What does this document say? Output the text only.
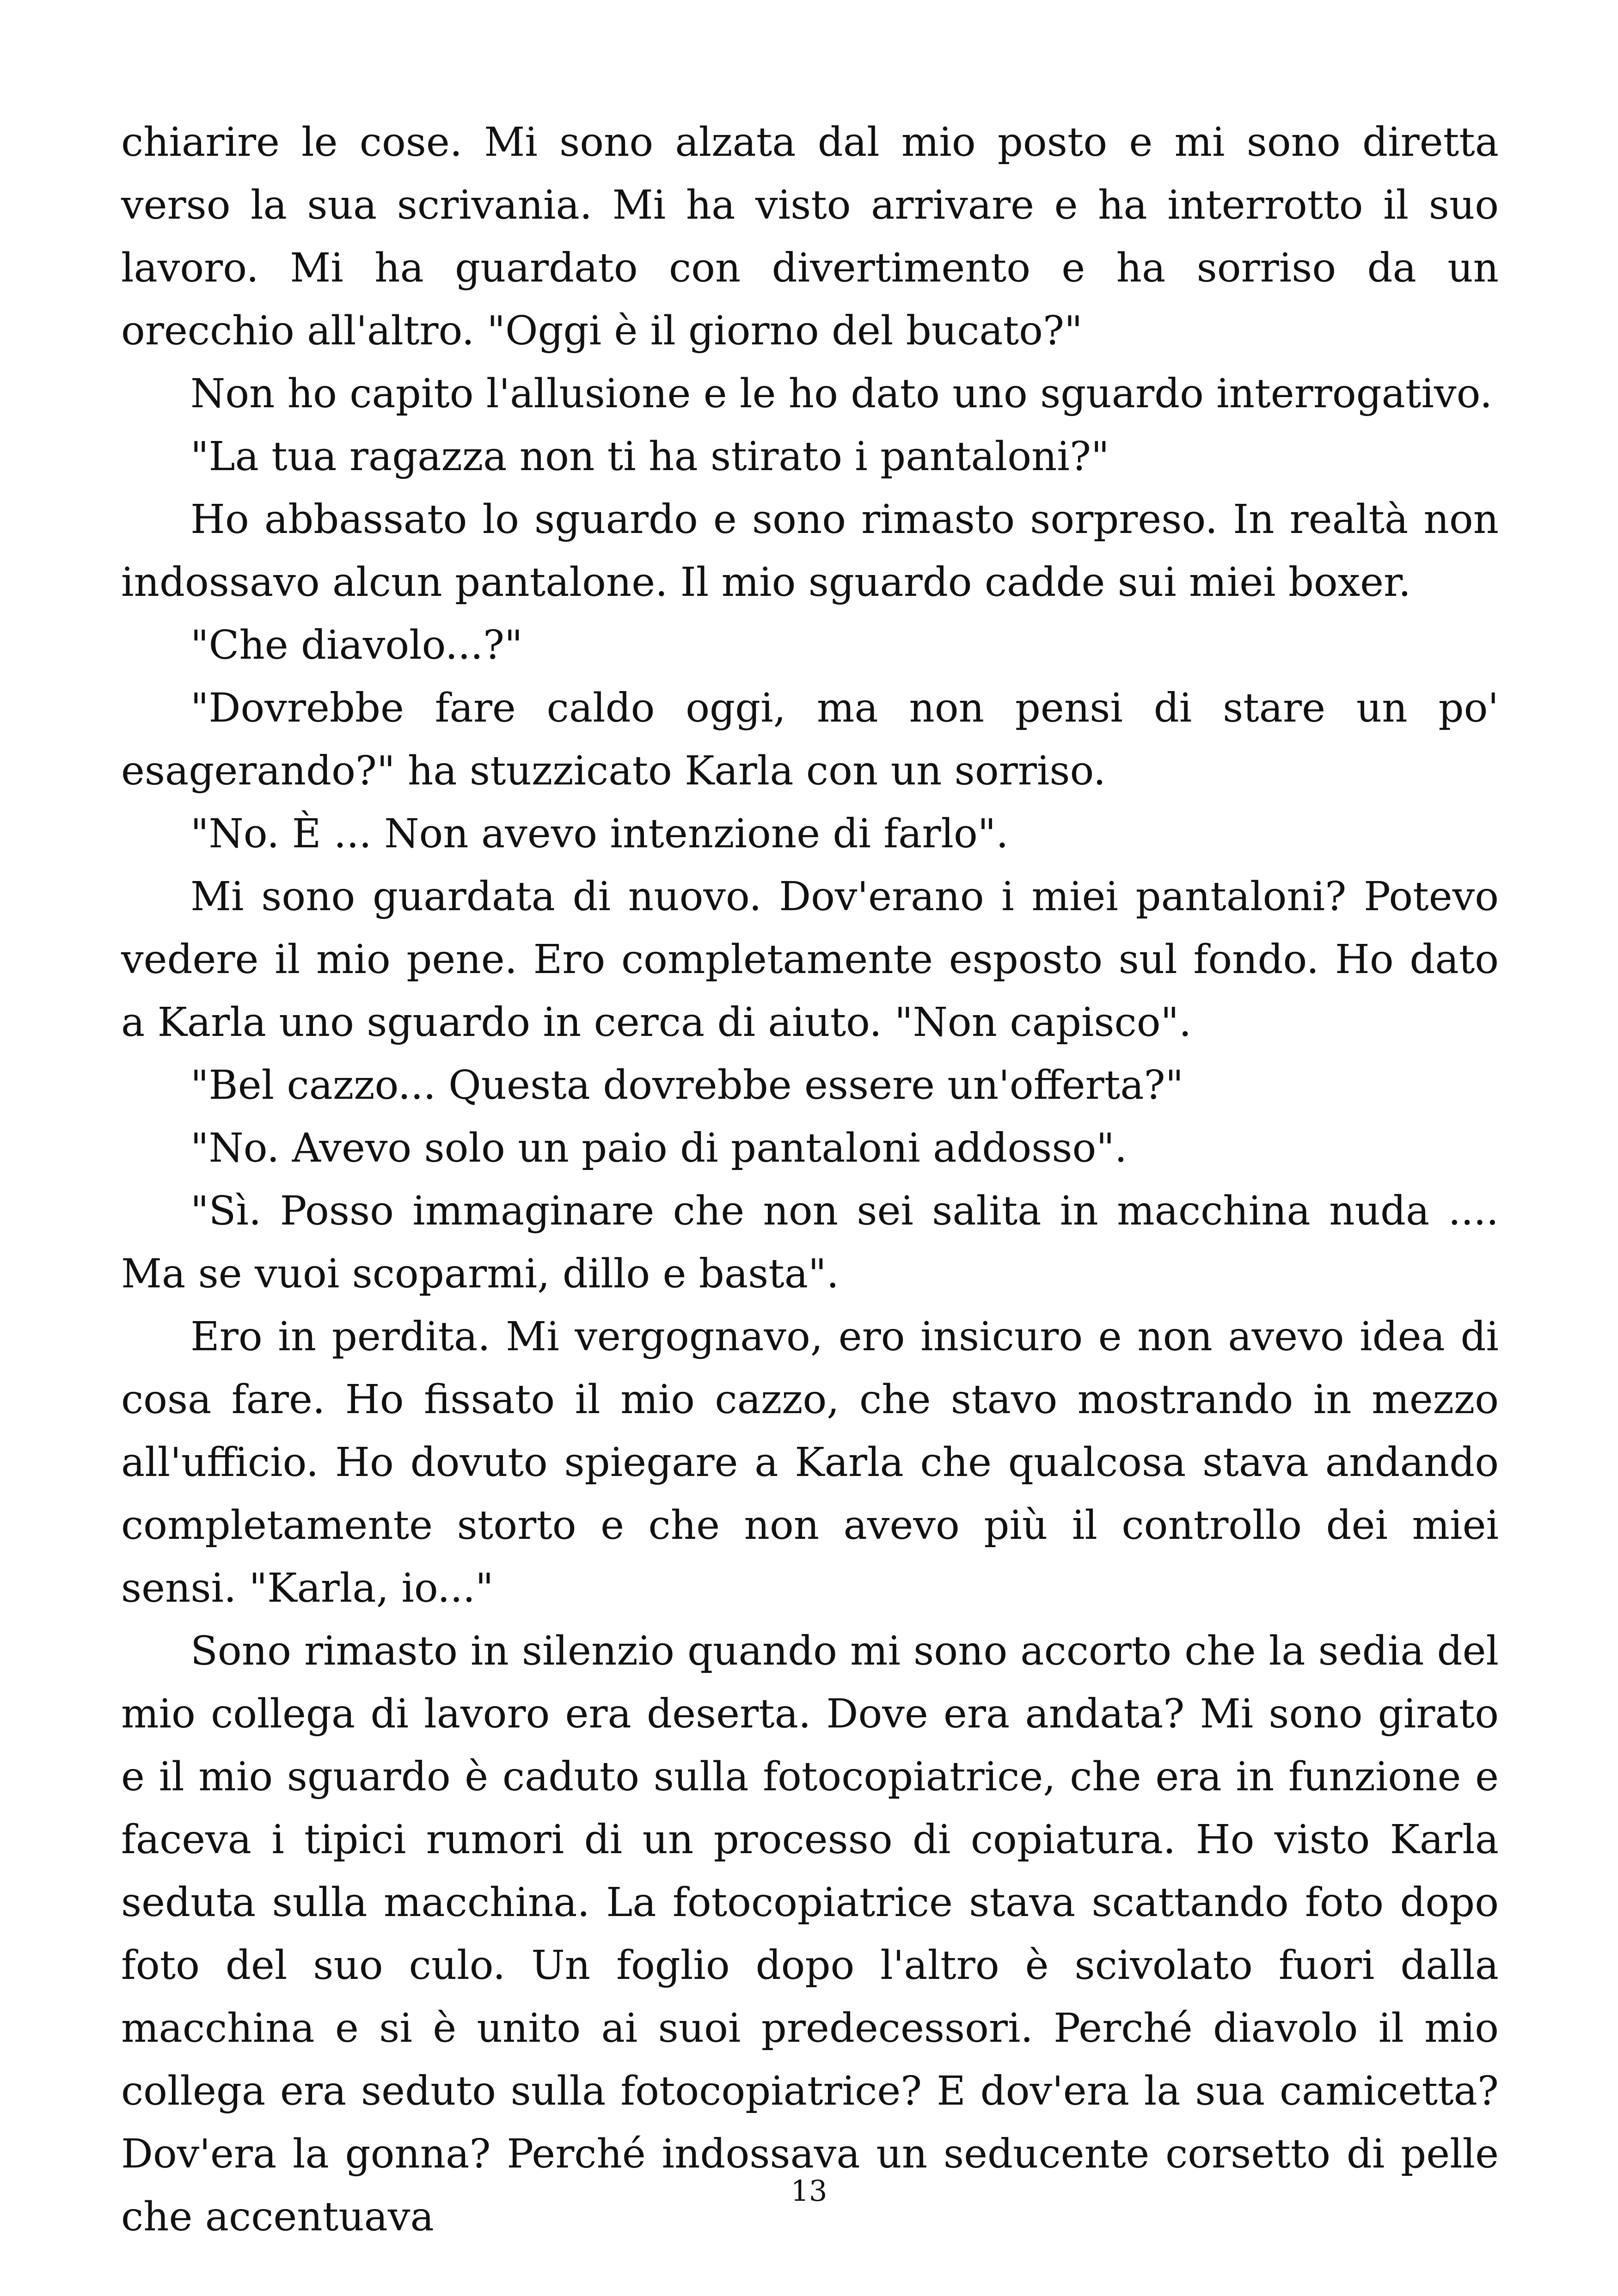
chiarire le cose. Mi sono alzata dal mio posto e mi sono diretta verso la sua scrivania. Mi ha visto arrivare e ha interrotto il suo lavoro. Mi ha guardato con divertimento e ha sorriso da un orecchio all'altro. "Oggi è il giorno del bucato?"

Non ho capito l'allusione e le ho dato uno sguardo interrogativo.

"La tua ragazza non ti ha stirato i pantaloni?"

Ho abbassato lo sguardo e sono rimasto sorpreso. In realtà non indossavo alcun pantalone. Il mio sguardo cadde sui miei boxer.

"Che diavolo...?"

"Dovrebbe fare caldo oggi, ma non pensi di stare un po' esagerando?" ha stuzzicato Karla con un sorriso.

"No. È ... Non avevo intenzione di farlo".

Mi sono guardata di nuovo. Dov'erano i miei pantaloni? Potevo vedere il mio pene. Ero completamente esposto sul fondo. Ho dato a Karla uno sguardo in cerca di aiuto. "Non capisco".

"Bel cazzo... Questa dovrebbe essere un'offerta?"

"No. Avevo solo un paio di pantaloni addosso".

"Sì. Posso immaginare che non sei salita in macchina nuda .... Ma se vuoi scoparmi, dillo e basta".

Ero in perdita. Mi vergognavo, ero insicuro e non avevo idea di cosa fare. Ho fissato il mio cazzo, che stavo mostrando in mezzo all'ufficio. Ho dovuto spiegare a Karla che qualcosa stava andando completamente storto e che non avevo più il controllo dei miei sensi. "Karla, io..."

Sono rimasto in silenzio quando mi sono accorto che la sedia del mio collega di lavoro era deserta. Dove era andata? Mi sono girato e il mio sguardo è caduto sulla fotocopiatrice, che era in funzione e faceva i tipici rumori di un processo di copiatura. Ho visto Karla seduta sulla macchina. La fotocopiatrice stava scattando foto dopo foto del suo culo. Un foglio dopo l'altro è scivolato fuori dalla macchina e si è unito ai suoi predecessori. Perché diavolo il mio collega era seduto sulla fotocopiatrice? E dov'era la sua camicetta? Dov'era la gonna? Perché indossava un seducente corsetto di pelle che accentuava

13
